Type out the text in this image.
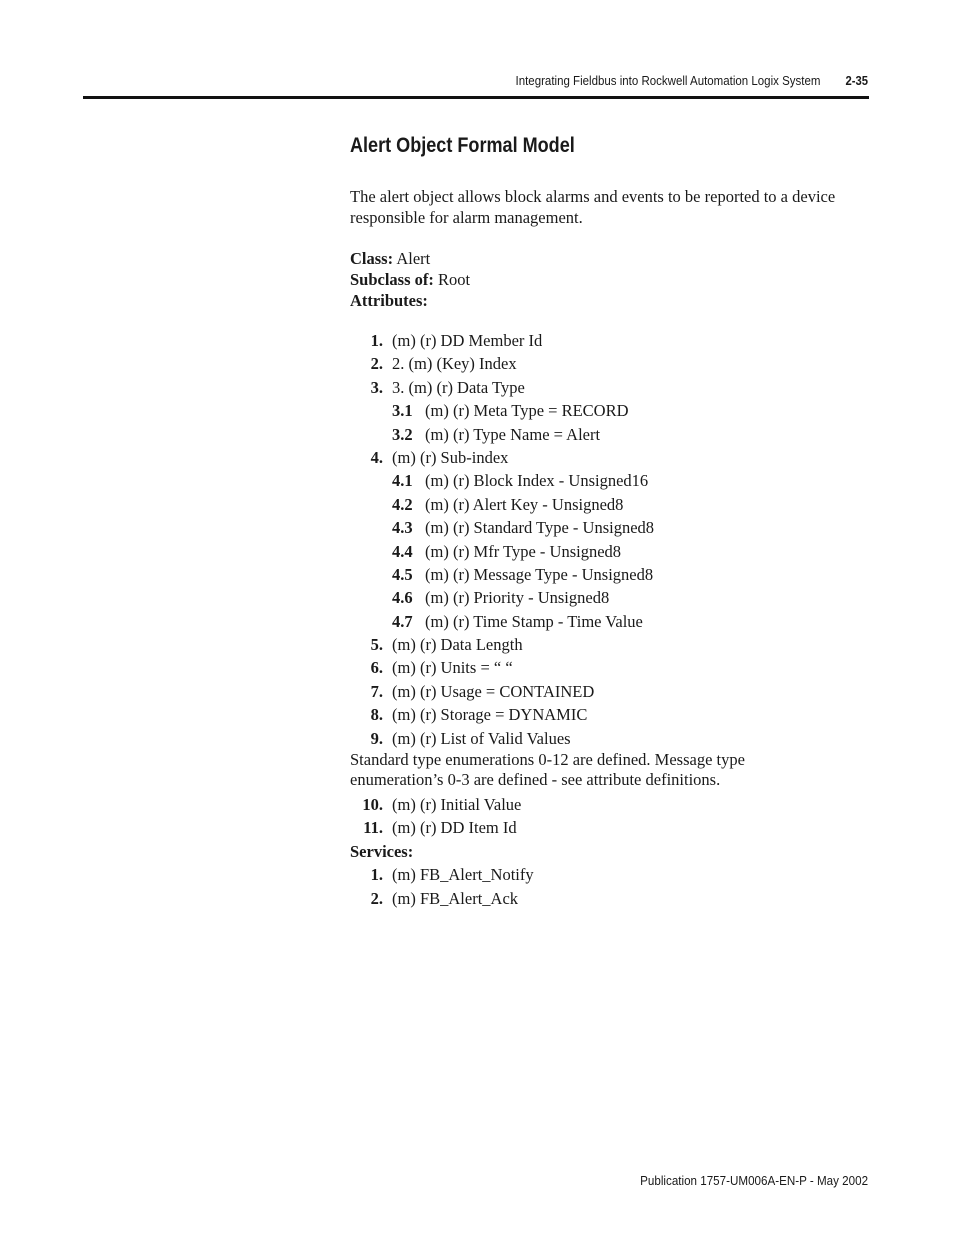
Integrating Fieldbus into Rockwell Automation Logix System 2-35
Alert Object Formal Model

The alert object allows block alarms and events to be reported to a device responsible for alarm management.

Class: Alert

Subclass of: Root

Attributes:

1. (m) (r) DD Member Id
2. 2. (m) (Key) Index
3. 3. (m) (r) Data Type
3.1 (m) (r) Meta Type = RECORD
3.2 (m) (r) Type Name = Alert
4. (m) (r) Sub-index
4.1 (m) (r) Block Index - Unsigned16
4.2 (m) (r) Alert Key - Unsigned8
4.3 (m) (r) Standard Type - Unsigned8
4.4 (m) (r) Mfr Type - Unsigned8
4.5 (m) (r) Message Type - Unsigned8
4.6 (m) (r) Priority - Unsigned8
4.7 (m) (r) Time Stamp - Time Value
5. (m) (r) Data Length
6. (m) (r) Units = “ “
7. (m) (r) Usage = CONTAINED
8. (m) (r) Storage = DYNAMIC
9. (m) (r) List of Valid Values

Standard type enumerations 0-12 are defined. Message type enumeration’s 0-3 are defined - see attribute definitions.

10. (m) (r) Initial Value
11. (m) (r) DD Item Id

Services:

1. (m) FB_Alert_Notify
2. (m) FB_Alert_Ack
Publication 1757-UM006A-EN-P - May 2002
